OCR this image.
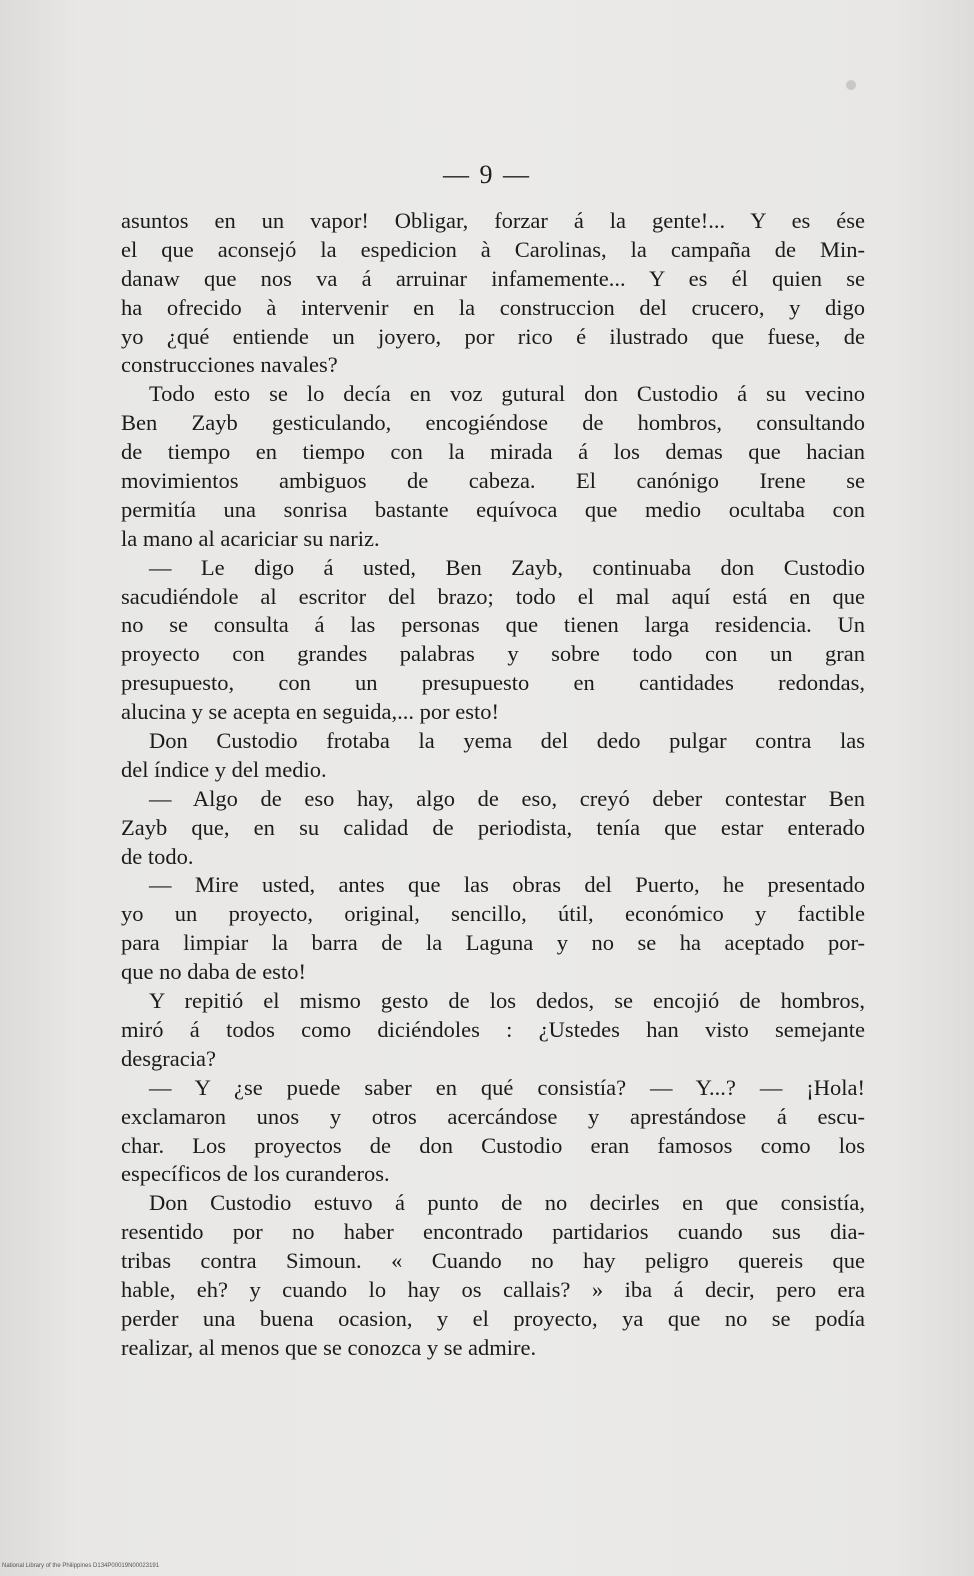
— 9 —

asuntos en un vapor! Obligar, forzar á la gente!... Y es ése
el que aconsejó la espedicion à Carolinas, la campaña de Min-
danaw que nos va á arruinar infamemente... Y es él quien se
ha ofrecido à intervenir en la construccion del crucero, y digo
yo ¿qué entiende un joyero, por rico é ilustrado que fuese, de
construcciones navales?

Todo esto se lo decía en voz gutural don Custodio á su vecino
Ben Zayb gesticulando, encogiéndose de hombros, consultando
de tiempo en tiempo con la mirada á los demas que hacian
movimientos ambiguos de cabeza. El canónigo Irene se
permitía una sonrisa bastante equívoca que medio ocultaba con
la mano al acariciar su nariz.

— Le digo á usted, Ben Zayb, continuaba don Custodio
sacudiéndole al escritor del brazo; todo el mal aquí está en que
no se consulta á las personas que tienen larga residencia. Un
proyecto con grandes palabras y sobre todo con un gran
presupuesto, con un presupuesto en cantidades redondas,
alucina y se acepta en seguida,... por esto!

Don Custodio frotaba la yema del dedo pulgar contra las
del índice y del medio.

— Algo de eso hay, algo de eso, creyó deber contestar Ben
Zayb que, en su calidad de periodista, tenía que estar enterado
de todo.

— Mire usted, antes que las obras del Puerto, he presentado
yo un proyecto, original, sencillo, útil, económico y factible
para limpiar la barra de la Laguna y no se ha aceptado por-
que no daba de esto!

Y repitió el mismo gesto de los dedos, se encojió de hombros,
miró á todos como diciéndoles : ¿Ustedes han visto semejante
desgracia?

— Y ¿se puede saber en qué consistía? — Y...? — ¡Hola!
exclamaron unos y otros acercándose y aprestándose á escu-
char. Los proyectos de don Custodio eran famosos como los
específicos de los curanderos.

Don Custodio estuvo á punto de no decirles en que consistía,
resentido por no haber encontrado partidarios cuando sus dia-
tribas contra Simoun. « Cuando no hay peligro quereis que
hable, eh? y cuando lo hay os callais? » iba á decir, pero era
perder una buena ocasion, y el proyecto, ya que no se podía
realizar, al menos que se conozca y se admire.

National Library of the Philippines D134P00019N00023191
